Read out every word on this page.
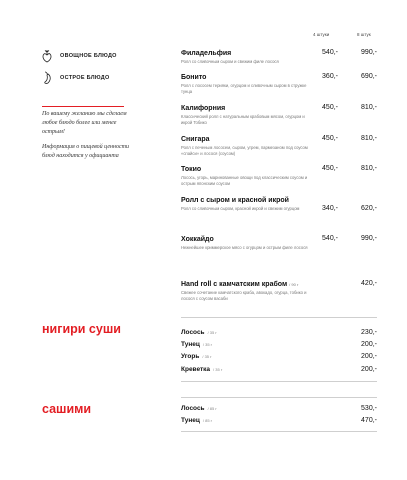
ОВОЩНОЕ БЛЮДО
ОСТРОЕ БЛЮДО
По вашему желанию мы сделаем любое блюдо более или менее острым!
Информация о пищевой ценности блюд находится у официанта
4 штуки	8 штук
Филадельфия
Ролл со сливочным сыром и свежим филе лосося
540,-	990,-
Бонито
Ролл с лососем терияки, огурцом и сливочным сыром в стружке тунца
360,-	690,-
Калифорния
Классический ролл с натуральным крабовым мясом, огурцом и икрой Тобико
450,-	810,-
Снигара
Ролл с печеным лососем, сыром, угрем, пармезаном под соусом «спайси» и лосося (соусом)
450,-	810,-
Токио
Лосось, угорь, маринованные овощи под классическим соусом и острым японским соусом
450,-	810,-
Ролл с сыром и красной икрой
Ролл со сливочным сыром, красной икрой и свежим огурцом	340,-	620,-
Хоккайдо
Нежнейшее криммерское мясо с огурцом и острым филе лосося
540,-	990,-
Hand roll с камчатским крабом / 90 г
Свежее сочетание камчатского краба, авокадо, огурца, тобико и лосося с соусом васаби
420,-
нигири суши	Лосось / 35 г	230,-
Тунец / 35 г	200,-
Угорь / 35 г	200,-
Креветка / 35 г	200,-
сашими	Лосось / 85 г	530,-
Тунец / 85 г	470,-
